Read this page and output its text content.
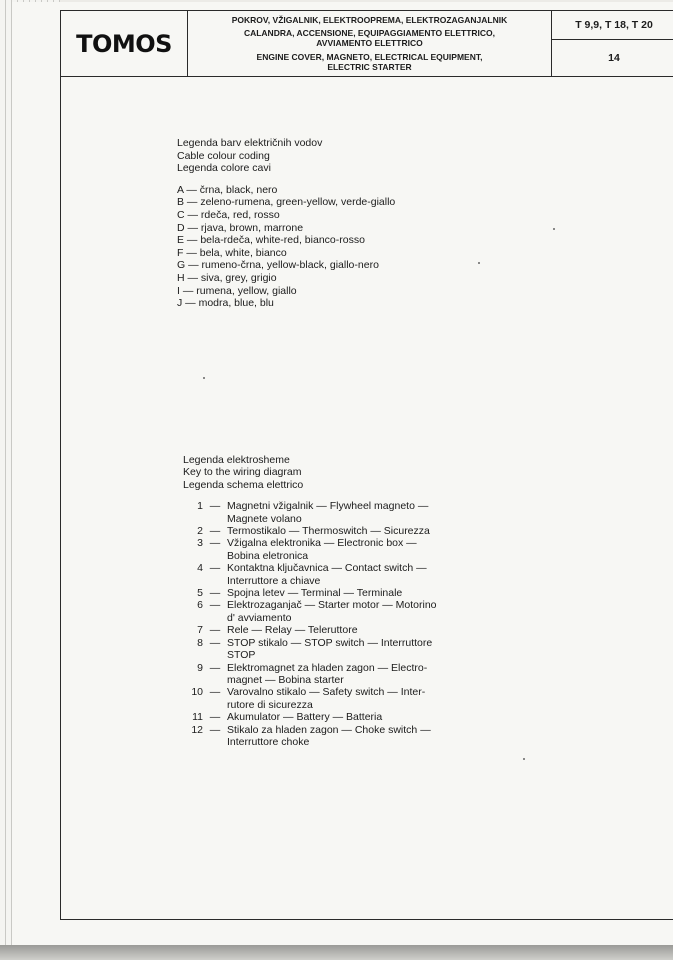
TOMOS
POKROV, VŽIGALNIK, ELEKTROOPREMA, ELEKTROZAGANJALNIK
CALANDRA, ACCENSIONE, EQUIPAGGIAMENTO ELETTRICO,
AVVIAMENTO ELETTRICO
ENGINE COVER, MAGNETO, ELECTRICAL EQUIPMENT,
ELECTRIC STARTER
T 9,9, T 18, T 20
14
Legenda barv električnih vodov
Cable colour coding
Legenda colore cavi
A — črna, black, nero
B — zeleno-rumena, green-yellow, verde-giallo
C — rdeča, red, rosso
D — rjava, brown, marrone
E — bela-rdeča, white-red, bianco-rosso
F — bela, white, bianco
G — rumeno-črna, yellow-black, giallo-nero
H — siva, grey, grigio
I — rumena, yellow, giallo
J — modra, blue, blu
Legenda elektrosheme
Key to the wiring diagram
Legenda schema elettrico
1 — Magnetni vžigalnik — Flywheel magneto —
Magnete volano
2 — Termostikalo — Thermoswitch — Sicurezza
3 — Vžigalna elektronika — Electronic box —
Bobina eletronica
4 — Kontaktna ključavnica — Contact switch —
Interruttore a chiave
5 — Spojna letev — Terminal — Terminale
6 — Elektrozaganjač — Starter motor — Motorino
d' avviamento
7 — Rele — Relay — Teleruttore
8 — STOP stikalo — STOP switch — Interruttore
STOP
9 — Elektromagnet za hladen zagon — Electro-
magnet — Bobina starter
10 — Varovalno stikalo — Safety switch — Inter-
rutore di sicurezza
11 — Akumulator — Battery — Batteria
12 — Stikalo za hladen zagon — Choke switch —
Interruttore choke
